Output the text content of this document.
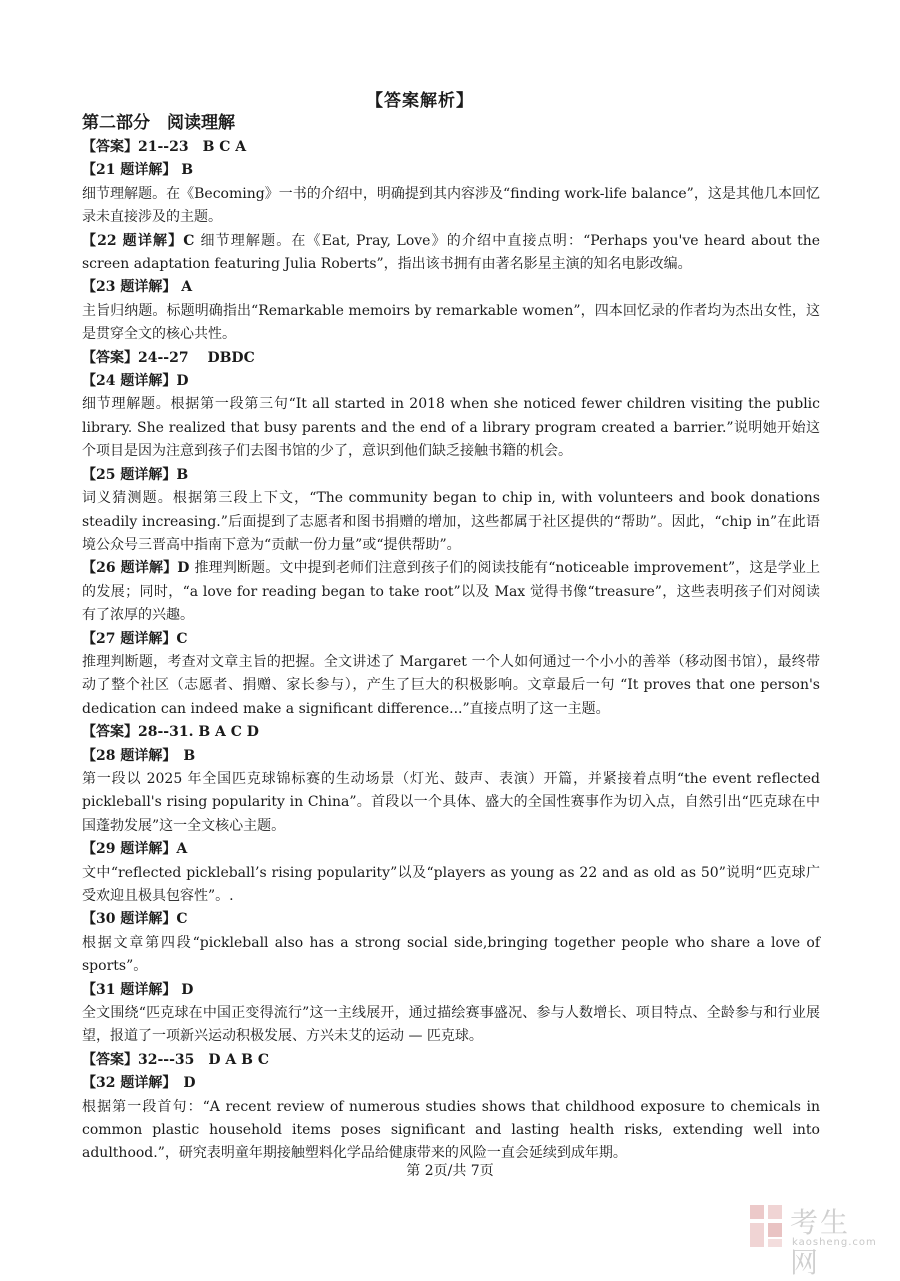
【答案解析】
第二部分　阅读理解
【答案】21--23　B C A
【21 题详解】 B
细节理解题。在《Becoming》一书的介绍中，明确提到其内容涉及“finding work-life balance”，这是其他几本回忆录未直接涉及的主题。
【22 题详解】C 细节理解题。在《Eat, Pray, Love》的介绍中直接点明：“Perhaps you've heard about the screen adaptation featuring Julia Roberts”，指出该书拥有由著名影星主演的知名电影改编。
【23 题详解】 A
主旨归纳题。标题明确指出“Remarkable memoirs by remarkable women”，四本回忆录的作者均为杰出女性，这是贯穿全文的核心共性。
【答案】24--27　 DBDC
【24 题详解】D
细节理解题。根据第一段第三句“It all started in 2018 when she noticed fewer children visiting the public library. She realized that busy parents and the end of a library program created a barrier.”说明她开始这个项目是因为注意到孩子们去图书馆的少了，意识到他们缺乏接触书籍的机会。
【25 题详解】B
词义猜测题。根据第三段上下文，“The community began to chip in, with volunteers and book donations steadily increasing.”后面提到了志愿者和图书捐赠的增加，这些都属于社区提供的“帮助”。因此，“chip in”在此语境公众号三晋高中指南下意为“贡献一份力量”或“提供帮助”。
【26 题详解】D 推理判断题。文中提到老师们注意到孩子们的阅读技能有“noticeable improvement”，这是学业上的发展；同时，“a love for reading began to take root”以及 Max 觉得书像“treasure”，这些表明孩子们对阅读有了浓厚的兴趣。
【27 题详解】C
推理判断题，考查对文章主旨的把握。全文讲述了 Margaret 一个人如何通过一个小小的善举（移动图书馆），最终带动了整个社区（志愿者、捐赠、家长参与），产生了巨大的积极影响。文章最后一句 “It proves that one person's dedication can indeed make a significant difference...”直接点明了这一主题。
【答案】28--31. B A C D
【28 题详解】　B
第一段以 2025 年全国匹克球锦标赛的生动场景（灯光、鼓声、表演）开篇，并紧接着点明“the event reflected pickleball's rising popularity in China”。首段以一个具体、盛大的全国性赛事作为切入点，自然引出“匹克球在中国蓬勃发展”这一全文核心主题。
【29 题详解】A
文中“reflected pickleball’s rising popularity”以及“players as young as 22 and as old as 50”说明“匹克球广受欢迎且极具包容性”。.
【30 题详解】C
根据文章第四段“pickleball also has a strong social side,bringing together people who share a love of sports”。
【31 题详解】 D
全文围绕“匹克球在中国正变得流行”这一主线展开，通过描绘赛事盛况、参与人数增长、项目特点、全龄参与和行业展望，报道了一项新兴运动积极发展、方兴未艾的运动 — 匹克球。
【答案】32---35　D A B C
【32 题详解】　D
根据第一段首句：“A recent review of numerous studies shows that childhood exposure to chemicals in common plastic household items poses significant and lasting health risks, extending well into adulthood.”，研究表明童年期接触塑料化学品给健康带来的风险一直会延续到成年期。
第 2页/共 7页
考生网
kaosheng.com
